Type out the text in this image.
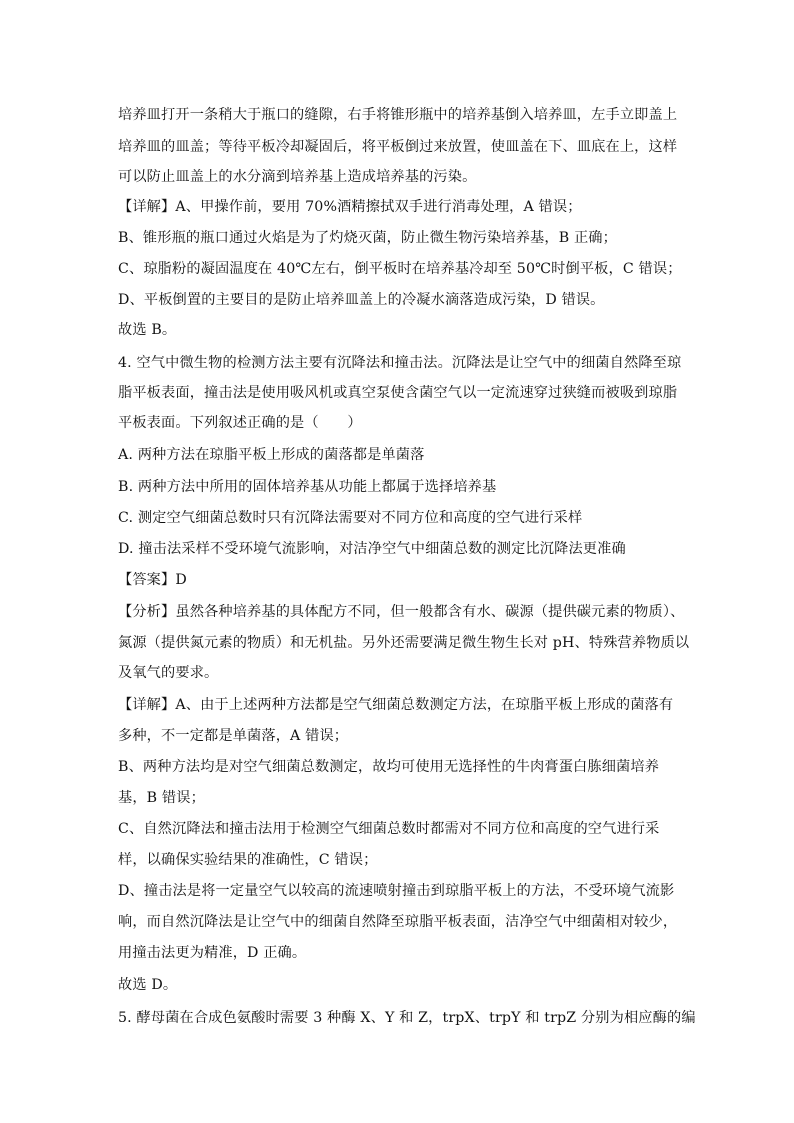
培养皿打开一条稍大于瓶口的缝隙，右手将锥形瓶中的培养基倒入培养皿，左手立即盖上
培养皿的皿盖；等待平板冷却凝固后，将平板倒过来放置，使皿盖在下、皿底在上，这样
可以防止皿盖上的水分滴到培养基上造成培养基的污染。
【详解】A、甲操作前，要用 70%酒精擦拭双手进行消毒处理，A 错误；
B、锥形瓶的瓶口通过火焰是为了灼烧灭菌，防止微生物污染培养基，B 正确；
C、琼脂粉的凝固温度在 40℃左右，倒平板时在培养基冷却至 50℃时倒平板，C 错误；
D、平板倒置的主要目的是防止培养皿盖上的冷凝水滴落造成污染，D 错误。
故选 B。
4. 空气中微生物的检测方法主要有沉降法和撞击法。沉降法是让空气中的细菌自然降至琼
脂平板表面，撞击法是使用吸风机或真空泵使含菌空气以一定流速穿过狭缝而被吸到琼脂
平板表面。下列叙述正确的是（　　）
A. 两种方法在琼脂平板上形成的菌落都是单菌落
B. 两种方法中所用的固体培养基从功能上都属于选择培养基
C. 测定空气细菌总数时只有沉降法需要对不同方位和高度的空气进行采样
D. 撞击法采样不受环境气流影响，对洁净空气中细菌总数的测定比沉降法更准确
【答案】D
【分析】虽然各种培养基的具体配方不同，但一般都含有水、碳源（提供碳元素的物质）、
氮源（提供氮元素的物质）和无机盐。另外还需要满足微生物生长对 pH、特殊营养物质以
及氧气的要求。
【详解】A、由于上述两种方法都是空气细菌总数测定方法，在琼脂平板上形成的菌落有
多种，不一定都是单菌落，A 错误；
B、两种方法均是对空气细菌总数测定，故均可使用无选择性的牛肉膏蛋白胨细菌培养
基，B 错误；
C、自然沉降法和撞击法用于检测空气细菌总数时都需对不同方位和高度的空气进行采
样，以确保实验结果的准确性，C 错误；
D、撞击法是将一定量空气以较高的流速喷射撞击到琼脂平板上的方法，不受环境气流影
响，而自然沉降法是让空气中的细菌自然降至琼脂平板表面，洁净空气中细菌相对较少，
用撞击法更为精准，D 正确。
故选 D。
5. 酵母菌在合成色氨酸时需要 3 种酶 X、Y 和 Z，trpX、trpY 和 trpZ 分别为相应酶的编
